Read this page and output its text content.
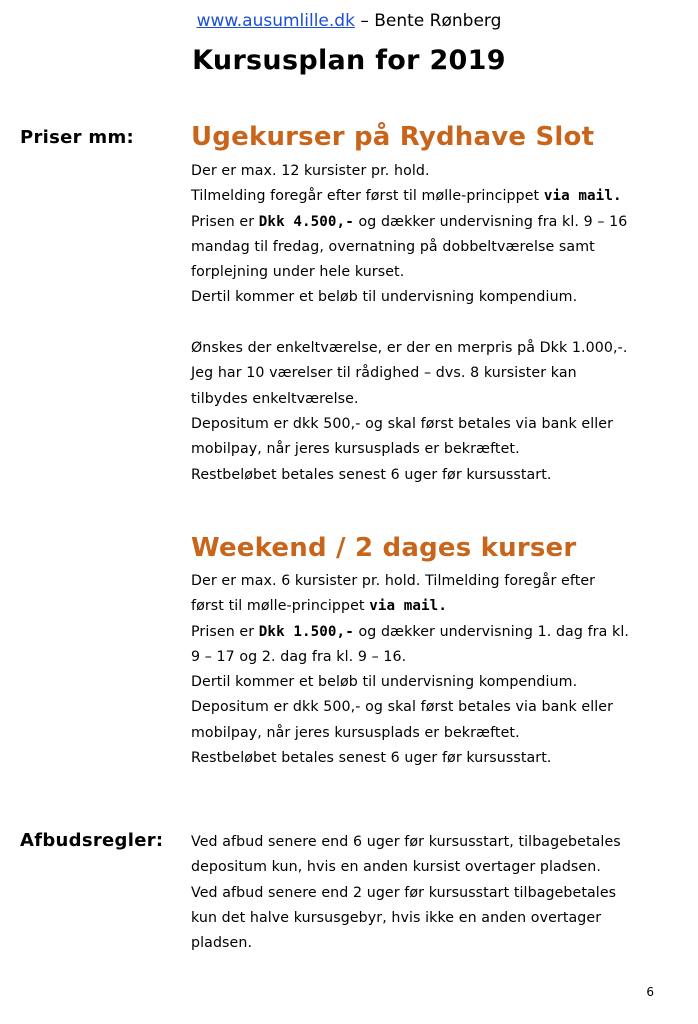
www.ausumlille.dk – Bente Rønberg
Kursusplan for 2019
Priser mm: Ugekurser på Rydhave Slot

Der er max. 12 kursister pr. hold.

Tilmelding foregår efter først til mølle-princippet via mail.

Prisen er Dkk 4.500,- og dækker undervisning fra kl. 9 – 16

mandag til fredag, overnatning på dobbeltværelse samt

forplejning under hele kurset.

Dertil kommer et beløb til undervisning kompendium.

Ønskes der enkeltværelse, er der en merpris på Dkk 1.000,-.

Jeg har 10 værelser til rådighed – dvs. 8 kursister kan

tilbydes enkeltværelse.

Depositum er dkk 500,- og skal først betales via bank eller

mobilpay, når jeres kursusplads er bekræftet.

Restbeløbet betales senest 6 uger før kursusstart.

Weekend / 2 dages kurser

Der er max. 6 kursister pr. hold. Tilmelding foregår efter

først til mølle-princippet via mail.

Prisen er Dkk 1.500,- og dækker undervisning 1. dag fra kl.

9 – 17 og 2. dag fra kl. 9 – 16.

Dertil kommer et beløb til undervisning kompendium.

Depositum er dkk 500,- og skal først betales via bank eller

mobilpay, når jeres kursusplads er bekræftet.

Restbeløbet betales senest 6 uger før kursusstart.

Afbudsregler: Ved afbud senere end 6 uger før kursusstart, tilbagebetales

depositum kun, hvis en anden kursist overtager pladsen.

Ved afbud senere end 2 uger før kursusstart tilbagebetales

kun det halve kursusgebyr, hvis ikke en anden overtager

pladsen.

6
